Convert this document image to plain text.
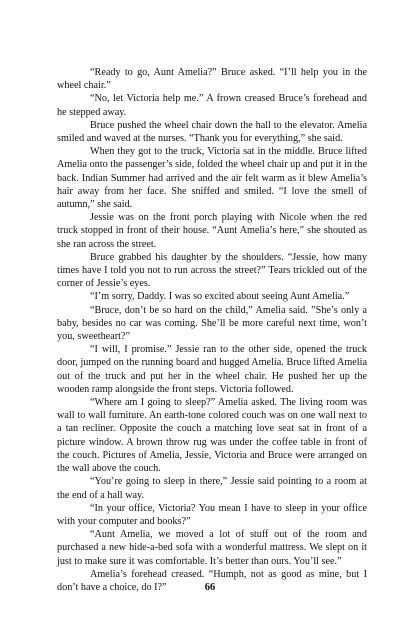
“Ready to go, Aunt Amelia?” Bruce asked. “I’ll help you in the wheel chair.”

“No, let Victoria help me.” A frown creased Bruce’s forehead and he stepped away.

Bruce pushed the wheel chair down the hall to the elevator. Amelia smiled and waved at the nurses. “Thank you for everything,” she said.

When they got to the truck, Victoria sat in the middle. Bruce lifted Amelia onto the passenger’s side, folded the wheel chair up and put it in the back. Indian Summer had arrived and the air felt warm as it blew Amelia’s hair away from her face. She sniffed and smiled. “I love the smell of autumn,” she said.

Jessie was on the front porch playing with Nicole when the red truck stopped in front of their house. “Aunt Amelia’s here,” she shouted as she ran across the street.

Bruce grabbed his daughter by the shoulders. “Jessie, how many times have I told you not to run across the street?” Tears trickled out of the corner of Jessie’s eyes.

“I’m sorry, Daddy. I was so excited about seeing Aunt Amelia.”

“Bruce, don’t be so hard on the child,” Amelia said. ”She’s only a baby, besides no car was coming. She’ll be more careful next time, won’t you, sweetheart?”

“I will, I promise.” Jessie ran to the other side, opened the truck door, jumped on the running board and hugged Amelia. Bruce lifted Amelia out of the truck and put her in the wheel chair. He pushed her up the wooden ramp alongside the front steps. Victoria followed.

“Where am I going to sleep?” Amelia asked. The living room was wall to wall furniture. An earth-tone colored couch was on one wall next to a tan recliner. Opposite the couch a matching love seat sat in front of a picture window. A brown throw rug was under the coffee table in front of the couch. Pictures of Amelia, Jessie, Victoria and Bruce were arranged on the wall above the couch.

“You’re going to sleep in there,” Jessie said pointing to a room at the end of a hall way.

“In your office, Victoria? You mean I have to sleep in your office with your computer and books?”

“Aunt Amelia, we moved a lot of stuff out of the room and purchased a new hide-a-bed sofa with a wonderful mattress. We slept on it just to make sure it was comfortable. It’s better than ours. You’ll see.”

Amelia’s forehead creased. “Humph, not as good as mine, but I don’t have a choice, do I?”	66
